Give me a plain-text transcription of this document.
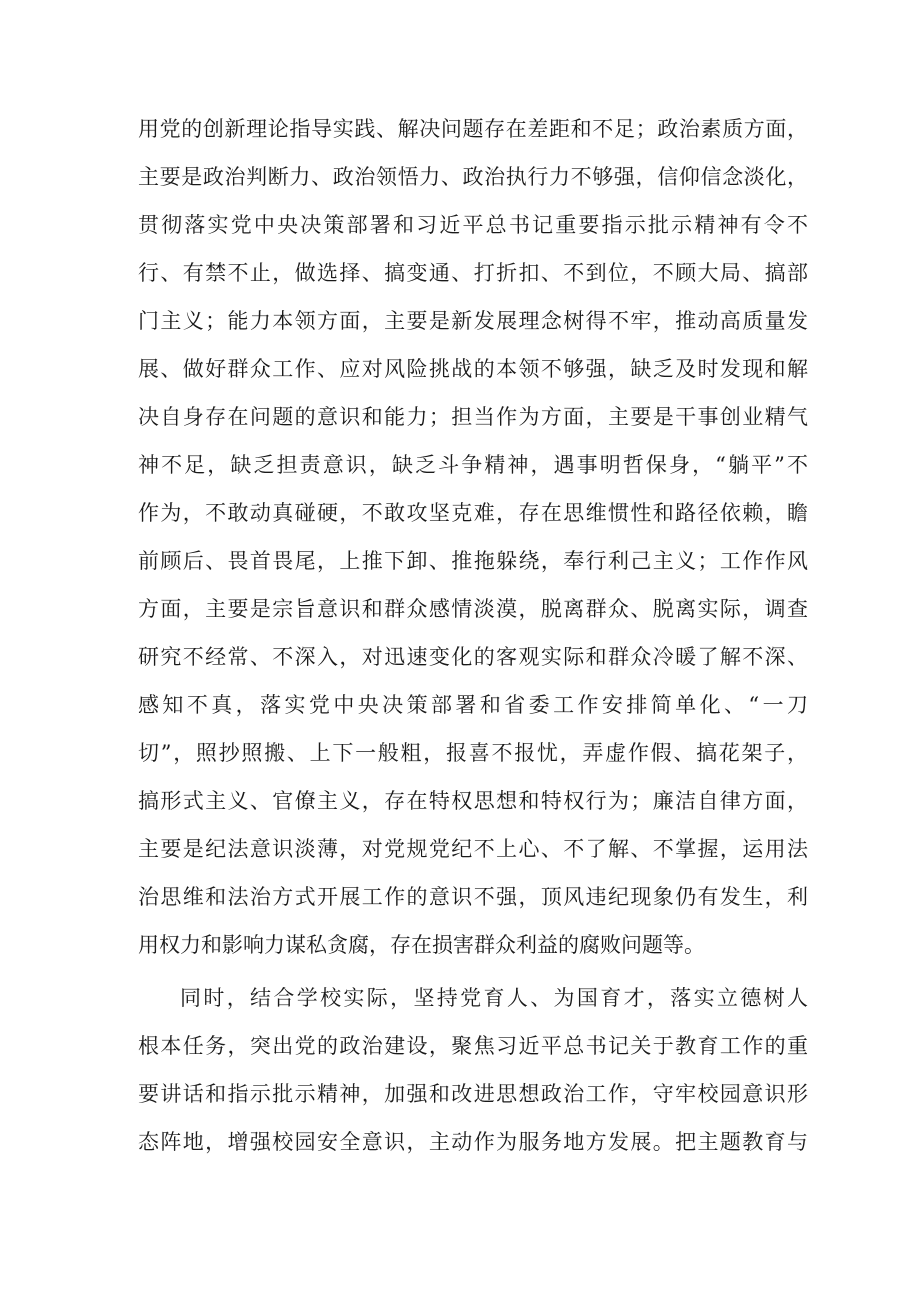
用党的创新理论指导实践、解决问题存在差距和不足；政治素质方面，
主要是政治判断力、政治领悟力、政治执行力不够强，信仰信念淡化，
贯彻落实党中央决策部署和习近平总书记重要指示批示精神有令不
行、有禁不止，做选择、搞变通、打折扣、不到位，不顾大局、搞部
门主义；能力本领方面，主要是新发展理念树得不牢，推动高质量发
展、做好群众工作、应对风险挑战的本领不够强，缺乏及时发现和解
决自身存在问题的意识和能力；担当作为方面，主要是干事创业精气
神不足，缺乏担责意识，缺乏斗争精神，遇事明哲保身，“躺平”不
作为，不敢动真碰硬，不敢攻坚克难，存在思维惯性和路径依赖，瞻
前顾后、畏首畏尾，上推下卸、推拖躲绕，奉行利己主义；工作作风
方面，主要是宗旨意识和群众感情淡漠，脱离群众、脱离实际，调查
研究不经常、不深入，对迅速变化的客观实际和群众冷暖了解不深、
感知不真，落实党中央决策部署和省委工作安排简单化、“一刀
切”，照抄照搬、上下一般粗，报喜不报忧，弄虚作假、搞花架子，
搞形式主义、官僚主义，存在特权思想和特权行为；廉洁自律方面，
主要是纪法意识淡薄，对党规党纪不上心、不了解、不掌握，运用法
治思维和法治方式开展工作的意识不强，顶风违纪现象仍有发生，利
用权力和影响力谋私贪腐，存在损害群众利益的腐败问题等。
同时，结合学校实际，坚持党育人、为国育才，落实立德树人
根本任务，突出党的政治建设，聚焦习近平总书记关于教育工作的重
要讲话和指示批示精神，加强和改进思想政治工作，守牢校园意识形
态阵地，增强校园安全意识，主动作为服务地方发展。把主题教育与
